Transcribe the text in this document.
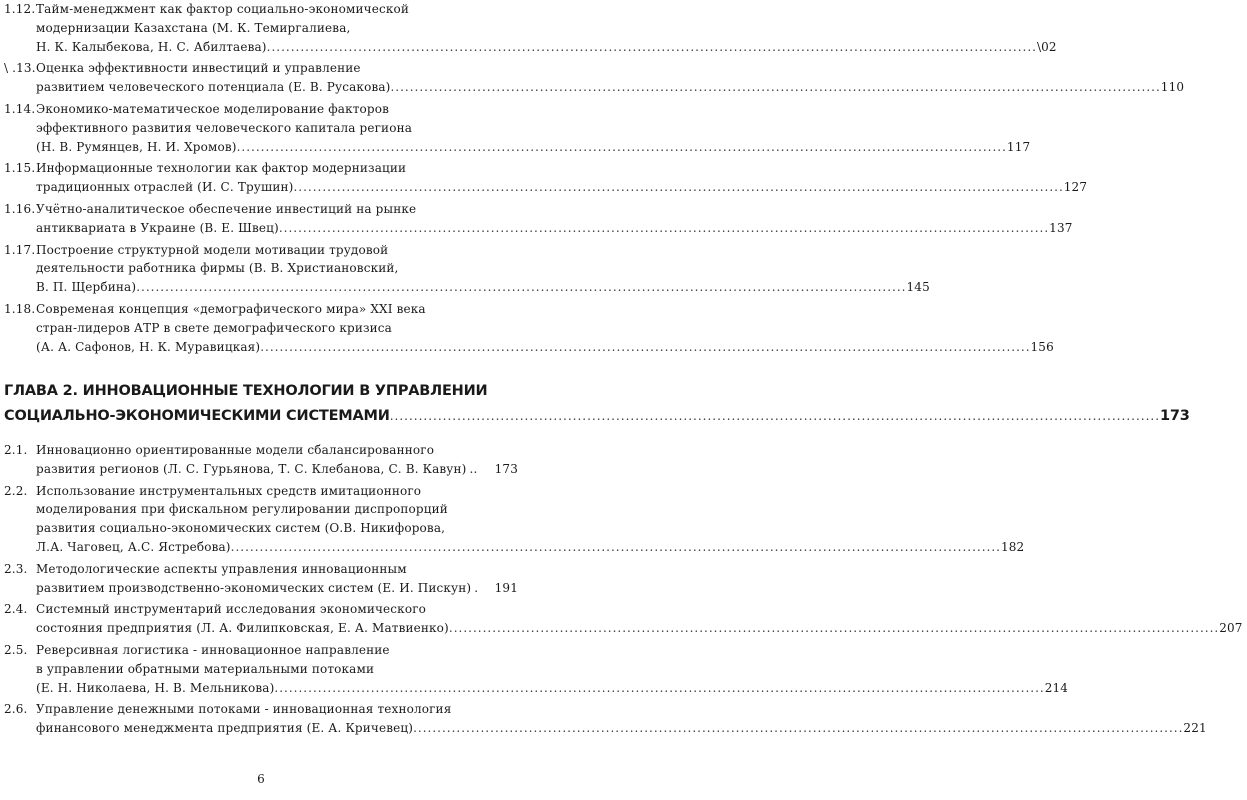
1.12. Тайм-менеджмент как фактор социально-экономической
модернизации Казахстана (М. К. Темиргалиева,
Н. К. Калыбекова, Н. С. Абилтаева) .....	\02
\ .13. Оценка эффективности инвестиций и управление
развитием человеческого потенциала (Е. В. Русакова) .....	110
1.14. Экономико-математическое моделирование факторов
эффективного развития человеческого капитала региона
(Н. В. Румянцев, Н. И. Хромов) .....	117
1.15. Информационные технологии как фактор модернизации
традиционных отраслей (И. С. Трушин) .....	127
1.16. Учётно-аналитическое обеспечение инвестиций на рынке
антиквариата в Украине (В. Е. Швец) .....	137
1.17. Построение структурной модели мотивации трудовой
деятельности работника фирмы (В. В. Христиановский,
В. П. Щербина) .....	145
1.18. Современая концепция «демографического мира» XXI века
стран-лидеров АТР в свете демографического кризиса
(А. А. Сафонов, Н. К. Муравицкая) .....	156
ГЛАВА 2. ИННОВАЦИОННЫЕ ТЕХНОЛОГИИ В УПРАВЛЕНИИ
СОЦИАЛЬНО-ЭКОНОМИЧЕСКИМИ СИСТЕМАМИ .....	173
2.1. Инновационно ориентированные модели сбалансированного
развития регионов (Л. С. Гурьянова, Т. С. Клебанова, С. В. Кавун) ..	173
2.2. Использование инструментальных средств имитационного
моделирования при фискальном регулировании диспропорций
развития социально-экономических систем (О.В. Никифорова,
Л.А. Чаговец, А.С. Ястребова) .....	182
2.3. Методологические аспекты управления инновационным
развитием производственно-экономических систем (Е. И. Пискун) .	191
2.4. Системный инструментарий исследования экономического
состояния предприятия (Л. А. Филипковская, Е. А. Матвиенко) .....	207
2.5. Реверсивная логистика - инновационное направление
в управлении обратными материальными потоками
(Е. Н. Николаева, Н. В. Мельникова) .....	214
2.6. Управление денежными потоками - инновационная технология
финансового менеджмента предприятия (Е. А. Кричевец) .....	221
6
